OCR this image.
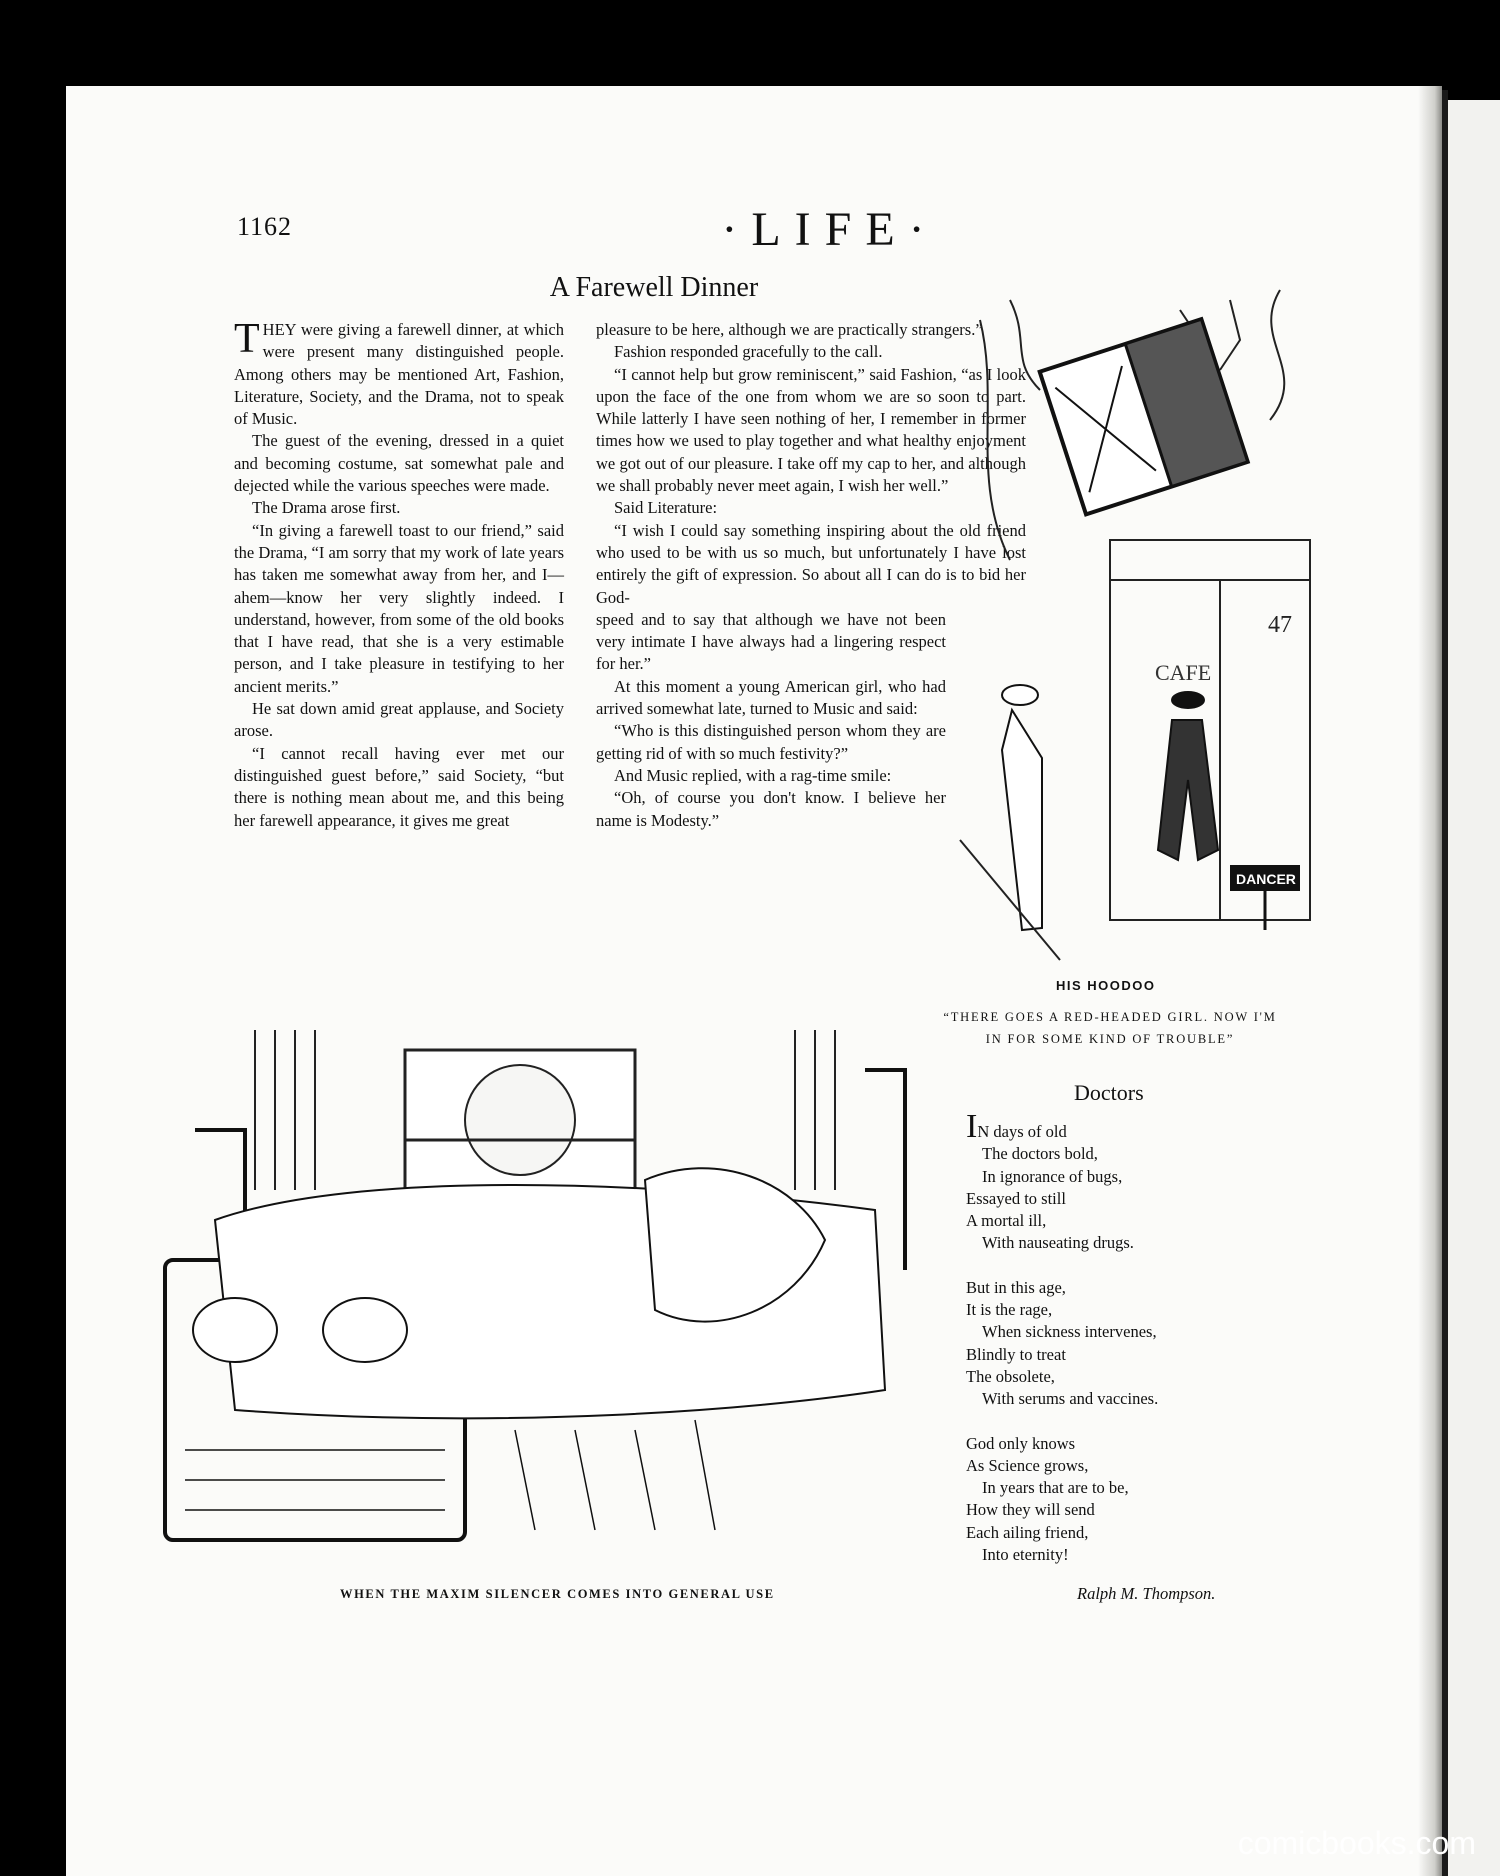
1162	·LIFE·
A Farewell Dinner

THEY were giving a farewell dinner, at which were present many distinguished people. Among others may be mentioned Art, Fashion, Literature, Society, and the Drama, not to speak of Music.

The guest of the evening, dressed in a quiet and becoming costume, sat somewhat pale and dejected while the various speeches were made.

The Drama arose first.

“In giving a farewell toast to our friend,” said the Drama, “I am sorry that my work of late years has taken me somewhat away from her, and I—ahem—know her very slightly indeed. I understand, however, from some of the old books that I have read, that she is a very estimable person, and I take pleasure in testifying to her ancient merits.”

He sat down amid great applause, and Society arose.

“I cannot recall having ever met our distinguished guest before,” said Society, “but there is nothing mean about me, and this being her farewell appearance, it gives me great

pleasure to be here, although we are practically strangers.”

Fashion responded gracefully to the call.

“I cannot help but grow reminiscent,” said Fashion, “as I look upon the face of the one from whom we are so soon to part. While latterly I have seen nothing of her, I remember in former times how we used to play together and what healthy enjoyment we got out of our pleasure. I take off my cap to her, and although we shall probably never meet again, I wish her well.”

Said Literature:

“I wish I could say something inspiring about the old friend who used to be with us so much, but unfortunately I have lost entirely the gift of expression. So about all I can do is to bid her God-

speed and to say that although we have not been very intimate I have always had a lingering respect for her.”

At this moment a young American girl, who had arrived somewhat late, turned to Music and said:

“Who is this distinguished person whom they are getting rid of with so much festivity?”

And Music replied, with a rag-time smile:

“Oh, of course you don't know. I believe her name is Modesty.”

CAFE
47
DANCER
HIS HOODOO
“THERE GOES A RED-HEADED GIRL. NOW I'M IN FOR SOME KIND OF TROUBLE”
WHEN THE MAXIM SILENCER COMES INTO GENERAL USE
Doctors
IN days of old
The doctors bold,
In ignorance of bugs,
Essayed to still
A mortal ill,
With nauseating drugs.
But in this age,
It is the rage,
When sickness intervenes,
Blindly to treat
The obsolete,
With serums and vaccines.
God only knows
As Science grows,
In years that are to be,
How they will send
Each ailing friend,
Into eternity!
Ralph M. Thompson.
comicbooks.com
